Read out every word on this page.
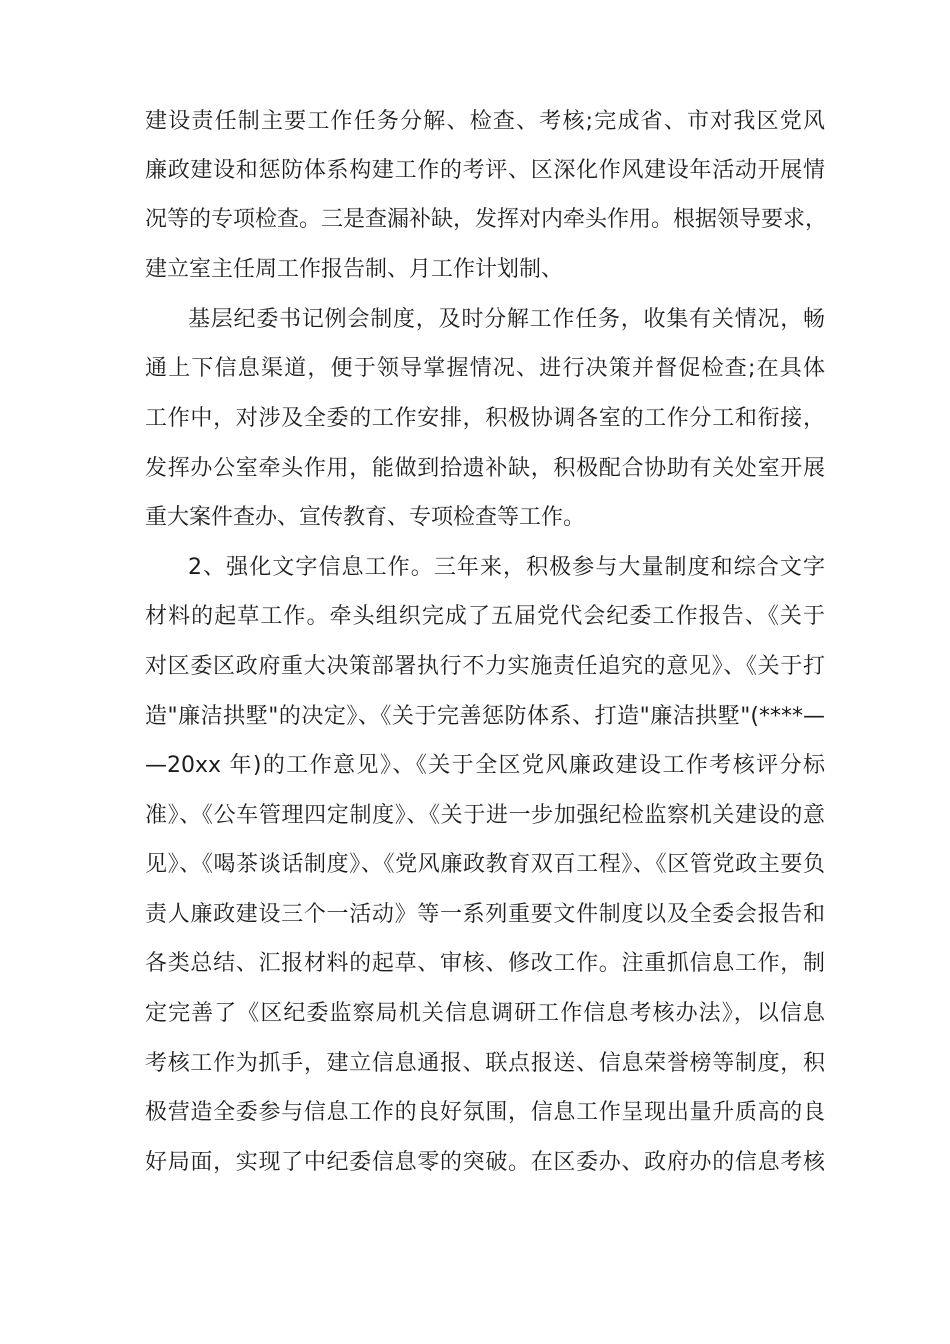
建设责任制主要工作任务分解、检查、考核;完成省、市对我区党风
廉政建设和惩防体系构建工作的考评、区深化作风建设年活动开展情
况等的专项检查。三是查漏补缺，发挥对内牵头作用。根据领导要求，
建立室主任周工作报告制、月工作计划制、
基层纪委书记例会制度，及时分解工作任务，收集有关情况，畅
通上下信息渠道，便于领导掌握情况、进行决策并督促检查;在具体
工作中，对涉及全委的工作安排，积极协调各室的工作分工和衔接，
发挥办公室牵头作用，能做到拾遗补缺，积极配合协助有关处室开展
重大案件查办、宣传教育、专项检查等工作。
2、强化文字信息工作。三年来，积极参与大量制度和综合文字
材料的起草工作。牵头组织完成了五届党代会纪委工作报告、《关于
对区委区政府重大决策部署执行不力实施责任追究的意见》、《关于打
造"廉洁拱墅"的决定》、《关于完善惩防体系、打造"廉洁拱墅"(****—
—20xx 年)的工作意见》、《关于全区党风廉政建设工作考核评分标
准》、《公车管理四定制度》、《关于进一步加强纪检监察机关建设的意
见》、《喝茶谈话制度》、《党风廉政教育双百工程》、《区管党政主要负
责人廉政建设三个一活动》等一系列重要文件制度以及全委会报告和
各类总结、汇报材料的起草、审核、修改工作。注重抓信息工作，制
定完善了《区纪委监察局机关信息调研工作信息考核办法》，以信息
考核工作为抓手，建立信息通报、联点报送、信息荣誉榜等制度，积
极营造全委参与信息工作的良好氛围，信息工作呈现出量升质高的良
好局面，实现了中纪委信息零的突破。在区委办、政府办的信息考核
